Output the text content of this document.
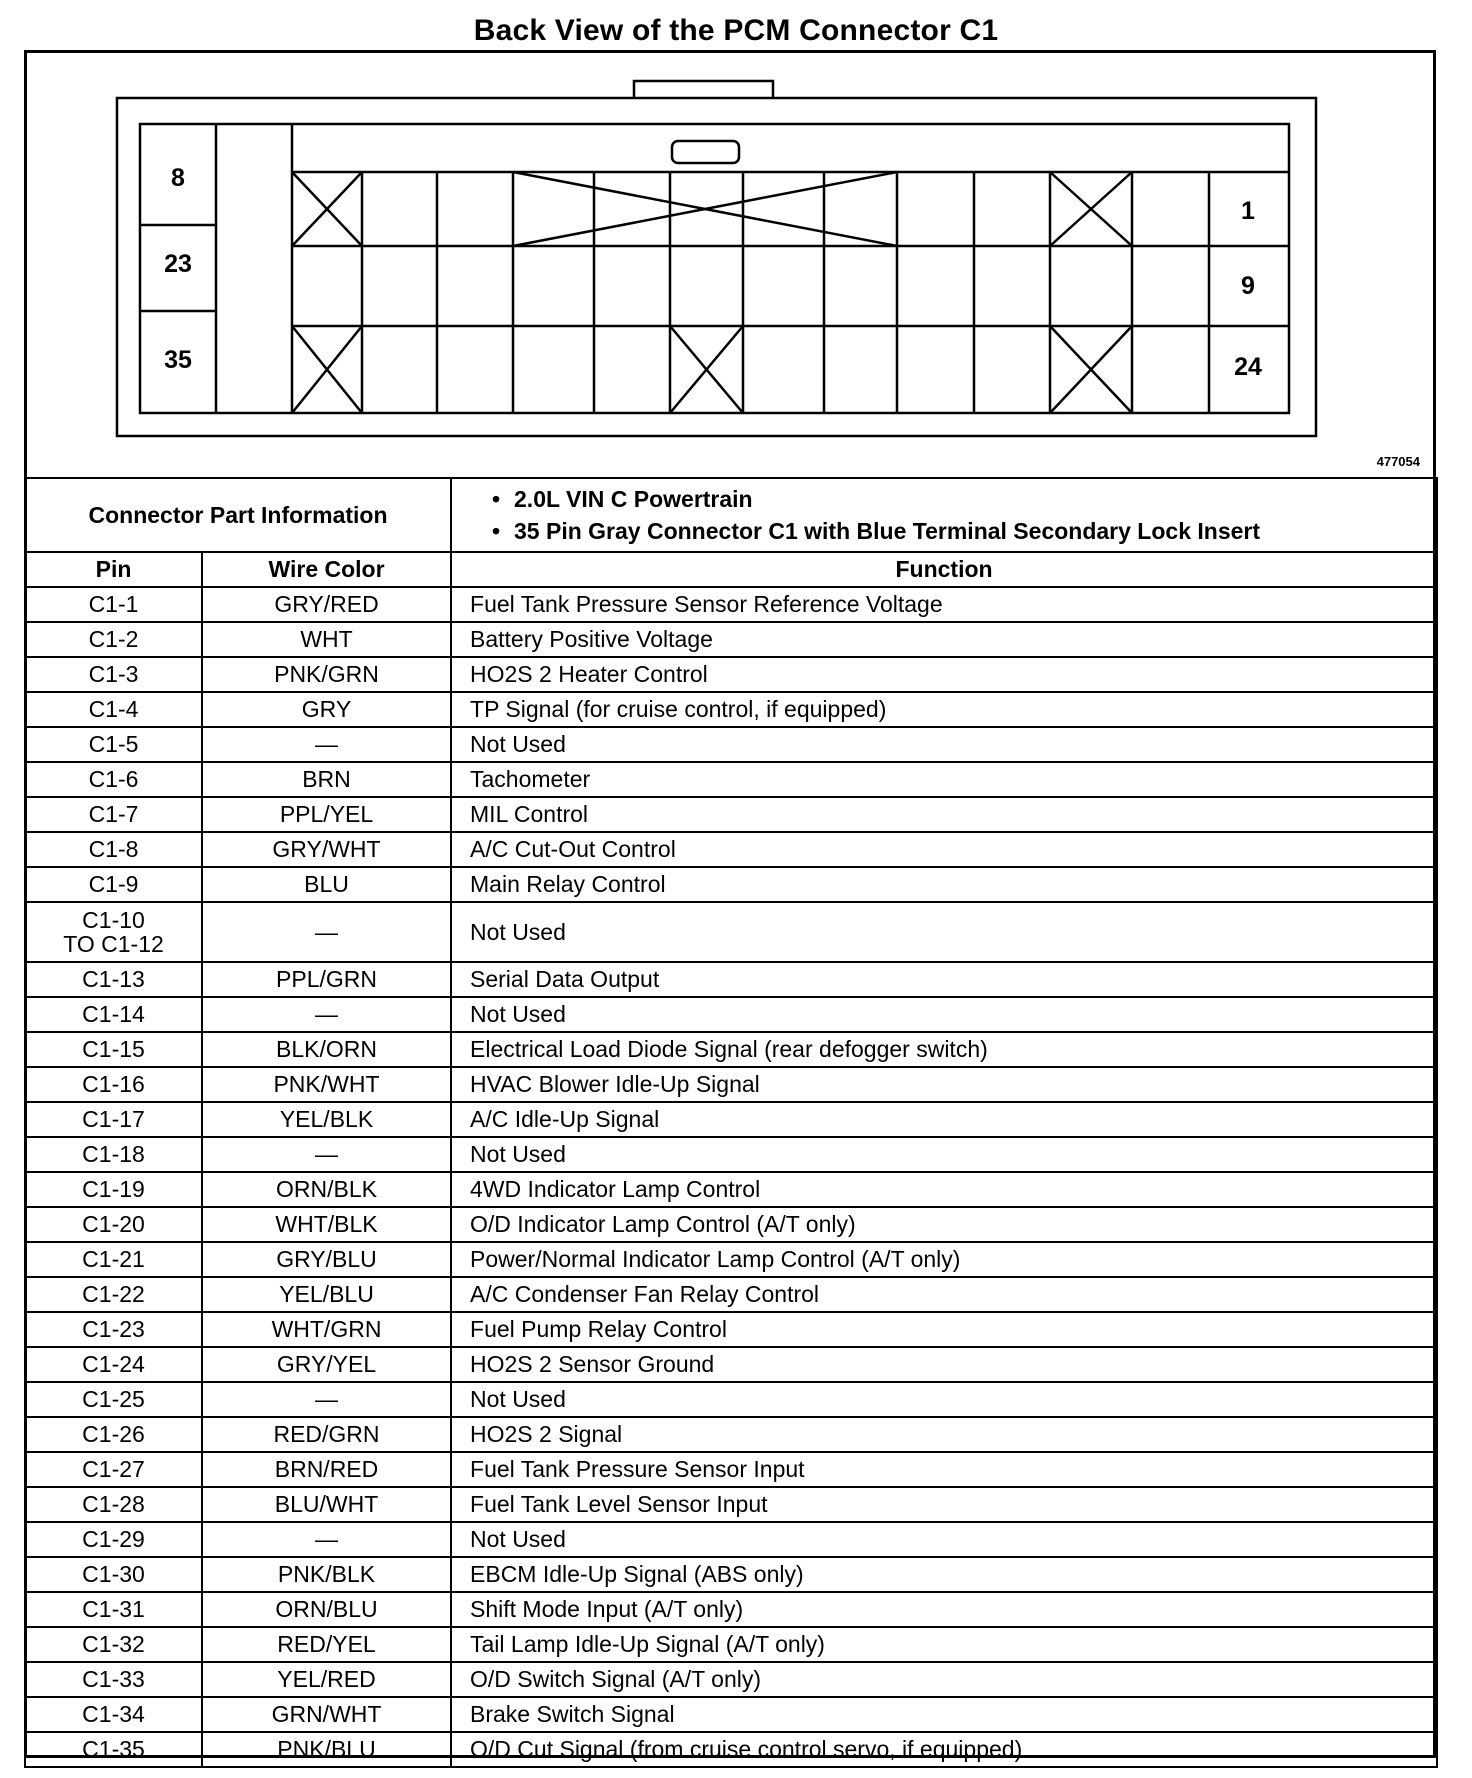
Back View of the PCM Connector C1
8
23
35
1
9
24
477054
Connector Part Information		• 2.0L VIN C Powertrain
• 35 Pin Gray Connector C1 with Blue Terminal Secondary Lock Insert

Pin	Wire Color	Function
C1-1	GRY/RED	Fuel Tank Pressure Sensor Reference Voltage
C1-2	WHT	Battery Positive Voltage
C1-3	PNK/GRN	HO2S 2 Heater Control
C1-4	GRY	TP Signal (for cruise control, if equipped)
C1-5	—	Not Used
C1-6	BRN	Tachometer
C1-7	PPL/YEL	MIL Control
C1-8	GRY/WHT	A/C Cut-Out Control
C1-9	BLU	Main Relay Control
C1-10
TO C1-12	—	Not Used
C1-13	PPL/GRN	Serial Data Output
C1-14	—	Not Used
C1-15	BLK/ORN	Electrical Load Diode Signal (rear defogger switch)
C1-16	PNK/WHT	HVAC Blower Idle-Up Signal
C1-17	YEL/BLK	A/C Idle-Up Signal
C1-18	—	Not Used
C1-19	ORN/BLK	4WD Indicator Lamp Control
C1-20	WHT/BLK	O/D Indicator Lamp Control (A/T only)
C1-21	GRY/BLU	Power/Normal Indicator Lamp Control (A/T only)
C1-22	YEL/BLU	A/C Condenser Fan Relay Control
C1-23	WHT/GRN	Fuel Pump Relay Control
C1-24	GRY/YEL	HO2S 2 Sensor Ground
C1-25	—	Not Used
C1-26	RED/GRN	HO2S 2 Signal
C1-27	BRN/RED	Fuel Tank Pressure Sensor Input
C1-28	BLU/WHT	Fuel Tank Level Sensor Input
C1-29	—	Not Used
C1-30	PNK/BLK	EBCM Idle-Up Signal (ABS only)
C1-31	ORN/BLU	Shift Mode Input (A/T only)
C1-32	RED/YEL	Tail Lamp Idle-Up Signal (A/T only)
C1-33	YEL/RED	O/D Switch Signal (A/T only)
C1-34	GRN/WHT	Brake Switch Signal
C1-35	PNK/BLU	O/D Cut Signal (from cruise control servo, if equipped)
